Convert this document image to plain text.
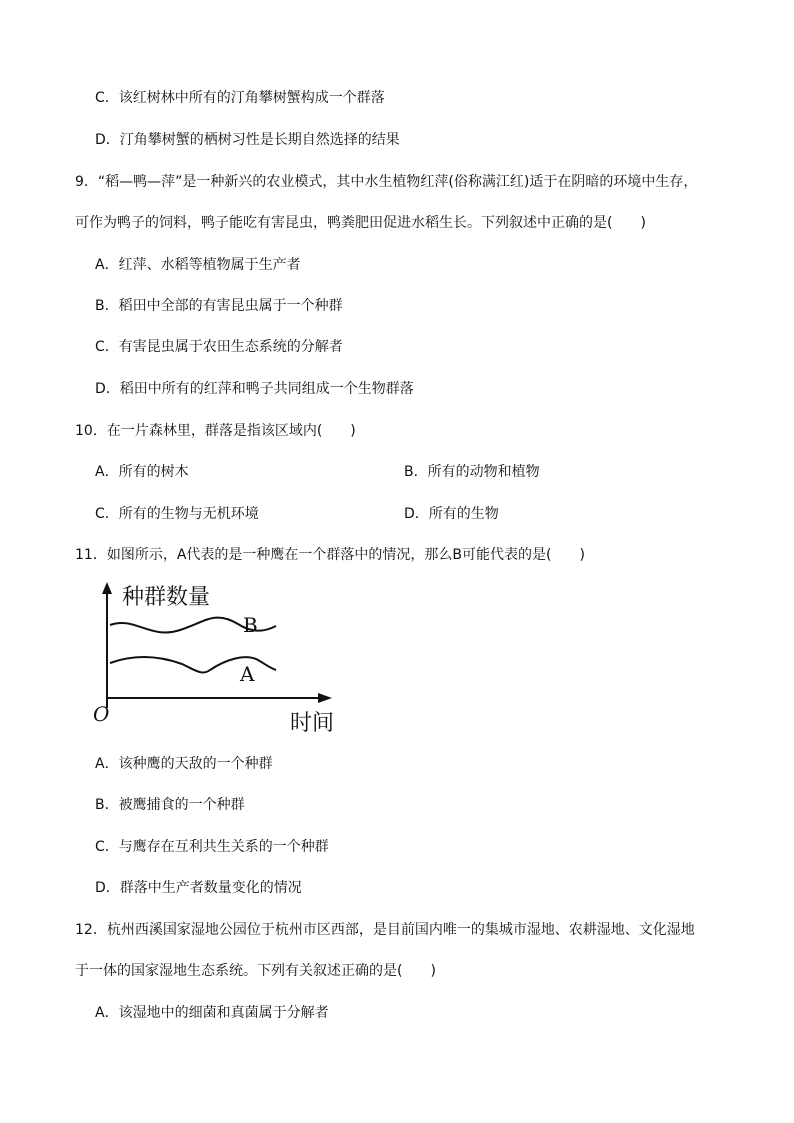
C．该红树林中所有的汀角攀树蟹构成一个群落
D．汀角攀树蟹的栖树习性是长期自然选择的结果
9．“稻—鸭—萍”是一种新兴的农业模式，其中水生植物红萍(俗称满江红)适于在阴暗的环境中生存，
可作为鸭子的饲料，鸭子能吃有害昆虫，鸭粪肥田促进水稻生长。下列叙述中正确的是(　　)
A．红萍、水稻等植物属于生产者
B．稻田中全部的有害昆虫属于一个种群
C．有害昆虫属于农田生态系统的分解者
D．稻田中所有的红萍和鸭子共同组成一个生物群落
10．在一片森林里，群落是指该区域内(　　)
A．所有的树木	B．所有的动物和植物
C．所有的生物与无机环境	D．所有的生物
11．如图所示，A代表的是一种鹰在一个群落中的情况，那么B可能代表的是(　　)
种群数量
时间
O
B
A
A．该种鹰的天敌的一个种群
B．被鹰捕食的一个种群
C．与鹰存在互利共生关系的一个种群
D．群落中生产者数量变化的情况
12．杭州西溪国家湿地公园位于杭州市区西部，是目前国内唯一的集城市湿地、农耕湿地、文化湿地
于一体的国家湿地生态系统。下列有关叙述正确的是(　　)
A．该湿地中的细菌和真菌属于分解者
